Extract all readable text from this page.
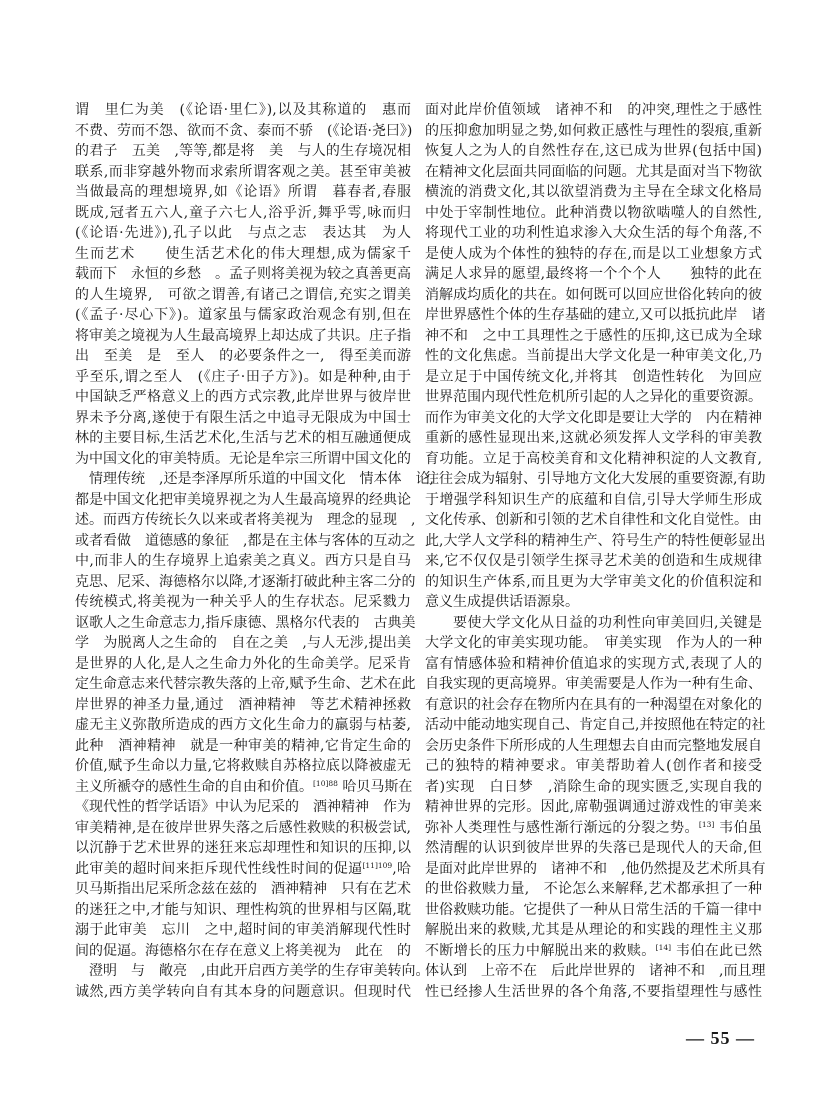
谓　里仁为美　(《论语·里仁》),以及其称道的　惠而
不费、劳而不怨、欲而不贪、泰而不骄　(《论语·尧曰》)
的君子　五美　,等等,都是将　美　与人的生存境况相
联系,而非穿越外物而求索所谓客观之美。甚至审美被
当做最高的理想境界,如《论语》所谓　暮春者,春服
既成,冠者五六人,童子六七人,浴乎沂,舞乎雩,咏而归
(《论语·先进》),孔子以此　与点之志　表达其　为人
生而艺术　　使生活艺术化的伟大理想,成为儒家千
载而下　永恒的乡愁　。孟子则将美视为较之真善更高
的人生境界,　可欲之谓善,有诸己之谓信,充实之谓美
(《孟子·尽心下》)。道家虽与儒家政治观念有别,但在
将审美之境视为人生最高境界上却达成了共识。庄子指
出　至美　是　至人　的必要条件之一,　得至美而游
乎至乐,谓之至人　(《庄子·田子方》)。如是种种,由于
中国缺乏严格意义上的西方式宗教,此岸世界与彼岸世
界未予分离,遂使于有限生活之中追寻无限成为中国士
林的主要目标,生活艺术化,生活与艺术的相互融通便成
为中国文化的审美特质。无论是牟宗三所谓中国文化的
　情理传统　,还是李泽厚所乐道的中国文化　情本体　论,
都是中国文化把审美境界视之为人生最高境界的经典论
述。而西方传统长久以来或者将美视为　理念的显现　,
或者看做　道德感的象征　,都是在主体与客体的互动之
中,而非人的生存境界上追索美之真义。西方只是自马
克思、尼采、海德格尔以降,才逐渐打破此种主客二分的
传统模式,将美视为一种关乎人的生存状态。尼采戮力
讴歌人之生命意志力,指斥康德、黑格尔代表的　古典美
学　为脱离人之生命的　自在之美　,与人无涉,提出美
是世界的人化,是人之生命力外化的生命美学。尼采肯
定生命意志来代替宗教失落的上帝,赋予生命、艺术在此
岸世界的神圣力量,通过　酒神精神　等艺术精神拯救
虚无主义弥散所造成的西方文化生命力的羸弱与枯萎,
此种　酒神精神　就是一种审美的精神,它肯定生命的
价值,赋予生命以力量,它将救赎自苏格拉底以降被虚无
主义所褫夺的感性生命的自由和价值。$^{[10]88}$ 哈贝马斯在
《现代性的哲学话语》中认为尼采的　酒神精神　作为
审美精神,是在彼岸世界失落之后感性救赎的积极尝试,
以沉静于艺术世界的迷狂来忘却理性和知识的压抑,以
此审美的超时间来拒斥现代性线性时间的促逼$^{[11]109}$,哈
贝马斯指出尼采所念兹在兹的　酒神精神　只有在艺术
的迷狂之中,才能与知识、理性构筑的世界相与区隔,耽
溺于此审美　忘川　之中,超时间的审美消解现代性时
间的促逼。海德格尔在存在意义上将美视为　此在　的
　澄明　与　敞亮　,由此开启西方美学的生存审美转向。
诚然,西方美学转向自有其本身的问题意识。但现时代
面对此岸价值领域　诸神不和　的冲突,理性之于感性
的压抑愈加明显之势,如何救正感性与理性的裂痕,重新
恢复人之为人的自然性存在,这已成为世界(包括中国)
在精神文化层面共同面临的问题。尤其是面对当下物欲
横流的消费文化,其以欲望消费为主导在全球文化格局
中处于宰制性地位。此种消费以物欲啮噬人的自然性,
将现代工业的功利性追求渗入大众生活的每个角落,不
是使人成为个体性的独特的存在,而是以工业想象方式
满足人求异的愿望,最终将一个个个人　　独特的此在
消解成均质化的共在。如何既可以回应世俗化转向的彼
岸世界感性个体的生存基础的建立,又可以抵抗此岸　诸
神不和　之中工具理性之于感性的压抑,这已成为全球
性的文化焦虑。当前提出大学文化是一种审美文化,乃
是立足于中国传统文化,并将其　创造性转化　为回应
世界范围内现代性危机所引起的人之异化的重要资源。
而作为审美文化的大学文化即是要让大学的　内在精神
重新的感性显现出来,这就必须发挥人文学科的审美教
育功能。立足于高校美育和文化精神积淀的人文教育,
往往会成为辐射、引导地方文化大发展的重要资源,有助
于增强学科知识生产的底蕴和自信,引导大学师生形成
文化传承、创新和引领的艺术自律性和文化自觉性。由
此,大学人文学科的精神生产、符号生产的特性便彰显出
来,它不仅仅是引领学生探寻艺术美的创造和生成规律
的知识生产体系,而且更为大学审美文化的价值积淀和
意义生成提供话语源泉。
要使大学文化从日益的功利性向审美回归,关键是
大学文化的审美实现功能。　审美实现　作为人的一种
富有情感体验和精神价值追求的实现方式,表现了人的
自我实现的更高境界。审美需要是人作为一种有生命、
有意识的社会存在物所内在具有的一种渴望在对象化的
活动中能动地实现自己、肯定自己,并按照他在特定的社
会历史条件下所形成的人生理想去自由而完整地发展自
己的独特的精神要求。审美帮助着人(创作者和接受
者)实现　白日梦　,消除生命的现实匮乏,实现自我的
精神世界的完形。因此,席勒强调通过游戏性的审美来
弥补人类理性与感性渐行渐远的分裂之势。[13] 韦伯虽
然清醒的认识到彼岸世界的失落已是现代人的天命,但
是面对此岸世界的　诸神不和　,他仍然提及艺术所具有
的世俗救赎力量,　不论怎么来解释,艺术都承担了一种
世俗救赎功能。它提供了一种从日常生活的千篇一律中
解脱出来的救赎,尤其是从理论的和实践的理性主义那
不断增长的压力中解脱出来的救赎。[14] 韦伯在此已然
体认到　上帝不在　后此岸世界的　诸神不和　,而且理
性已经掺人生活世界的各个角落,不要指望理性与感性
— 55 —
